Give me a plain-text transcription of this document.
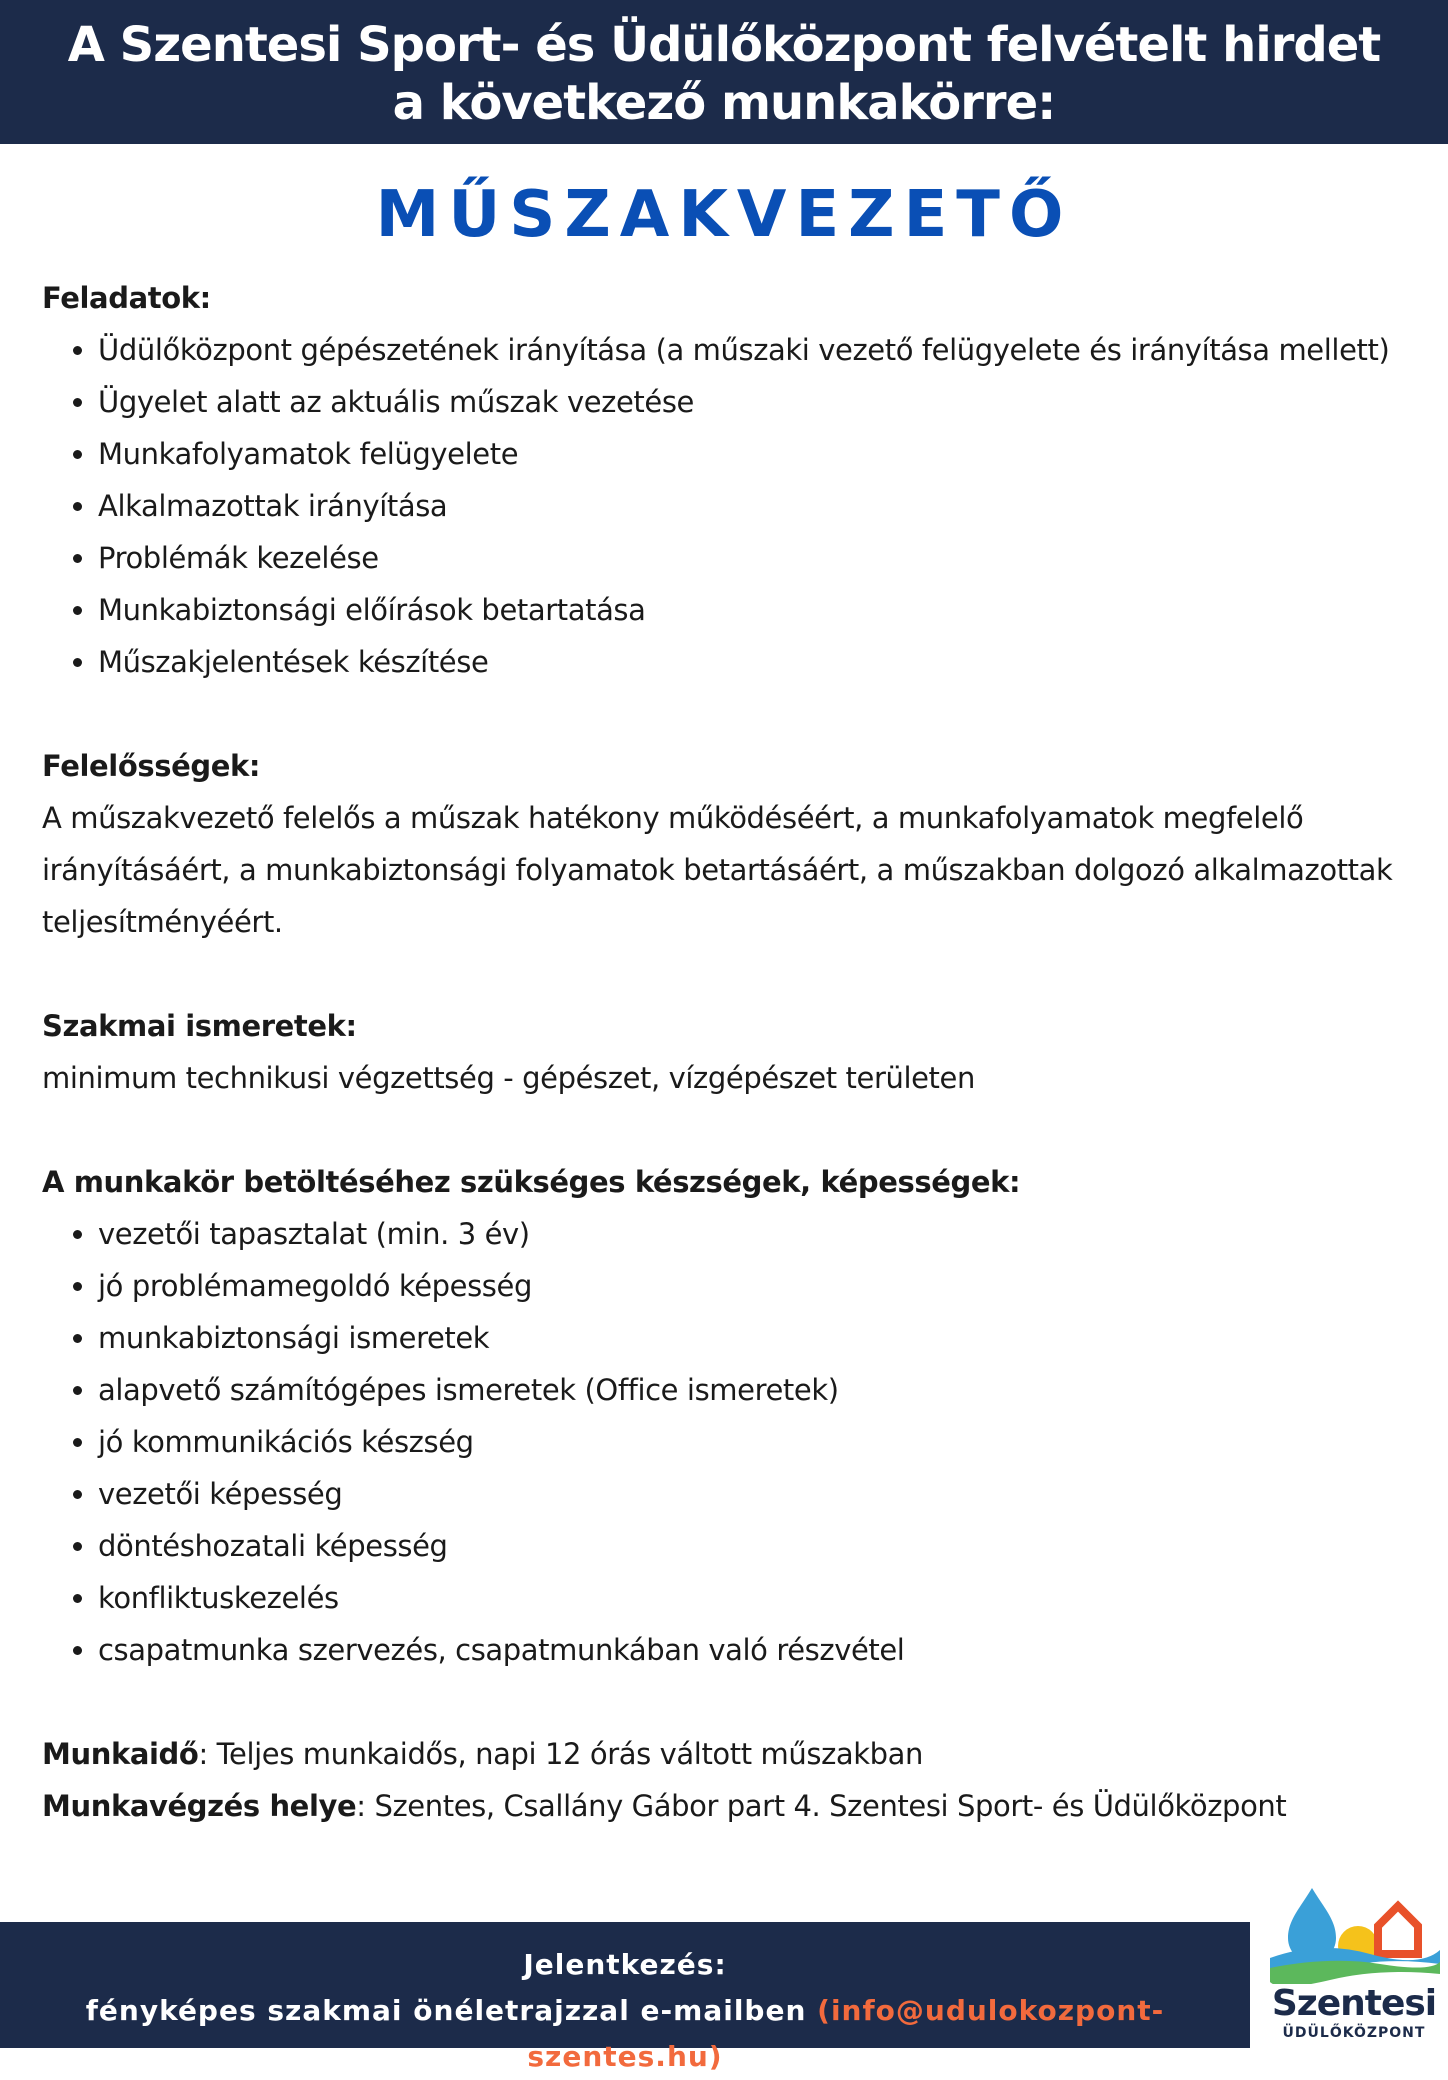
A Szentesi Sport- és Üdülőközpont felvételt hirdet
a következő munkakörre:
MŰSZAKVEZETŐ

Feladatok:

• Üdülőközpont gépészetének irányítása (a műszaki vezető felügyelete és irányítása mellett)
• Ügyelet alatt az aktuális műszak vezetése
• Munkafolyamatok felügyelete
• Alkalmazottak irányítása
• Problémák kezelése
• Munkabiztonsági előírások betartatása
• Műszakjelentések készítése

Felelősségek:

A műszakvezető felelős a műszak hatékony működéséért, a munkafolyamatok megfelelő irányításáért, a munkabiztonsági folyamatok betartásáért, a műszakban dolgozó alkalmazottak teljesítményéért.

Szakmai ismeretek:

minimum technikusi végzettség - gépészet, vízgépészet területen

A munkakör betöltéséhez szükséges készségek, képességek:

• vezetői tapasztalat (min. 3 év)
• jó problémamegoldó képesség
• munkabiztonsági ismeretek
• alapvető számítógépes ismeretek (Office ismeretek)
• jó kommunikációs készség
• vezetői képesség
• döntéshozatali képesség
• konfliktuskezelés
• csapatmunka szervezés, csapatmunkában való részvétel

Munkaidő: Teljes munkaidős, napi 12 órás váltott műszakban

Munkavégzés helye: Szentes, Csallány Gábor part 4. Szentesi Sport- és Üdülőközpont

Jelentkezés:
fényképes szakmai önéletrajzzal e-mailben (info@udulokozpont-szentes.hu)
Szentesi
ÜDÜLŐKÖZPONT
